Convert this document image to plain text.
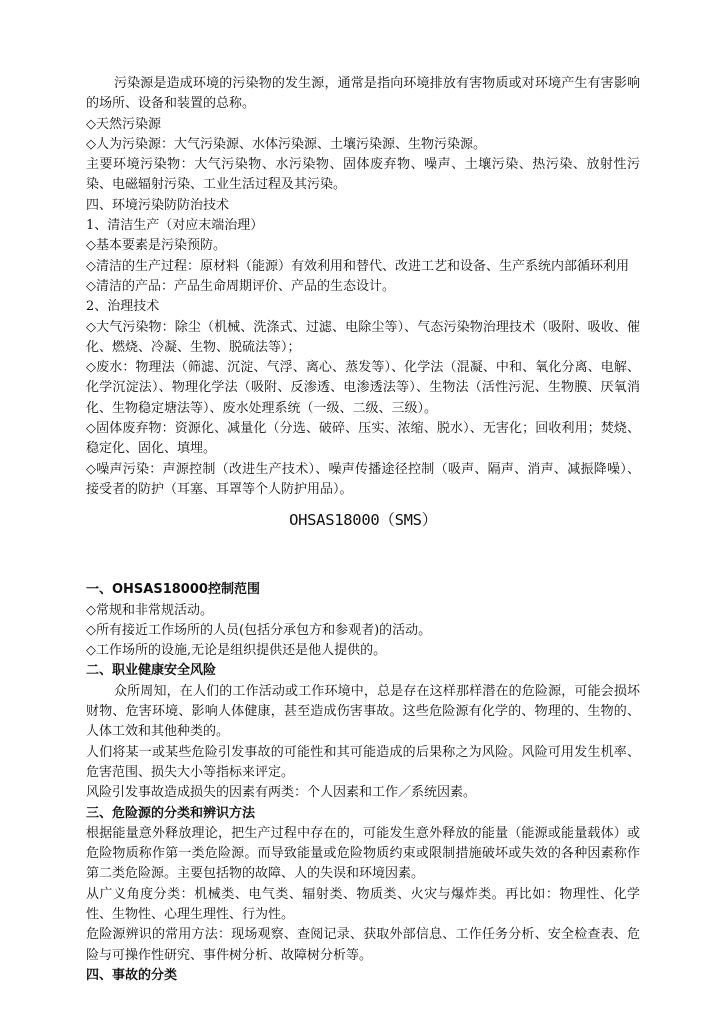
污染源是造成环境的污染物的发生源，通常是指向环境排放有害物质或对环境产生有害影响的场所、设备和装置的总称。

◇天然污染源

◇人为污染源：大气污染源、水体污染源、土壤污染源、生物污染源。

主要环境污染物：大气污染物、水污染物、固体废弃物、噪声、土壤污染、热污染、放射性污染、电磁辐射污染、工业生活过程及其污染。

四、环境污染防防治技术

1、清洁生产（对应末端治理）

◇基本要素是污染预防。

◇清洁的生产过程：原材料（能源）有效利用和替代、改进工艺和设备、生产系统内部循环利用

◇清洁的产品：产品生命周期评价、产品的生态设计。

2、治理技术

◇大气污染物：除尘（机械、洗涤式、过滤、电除尘等）、气态污染物治理技术（吸附、吸收、催化、燃烧、冷凝、生物、脱硫法等）；

◇废水：物理法（筛滤、沉淀、气浮、离心、蒸发等）、化学法（混凝、中和、氧化分离、电解、化学沉淀法）、物理化学法（吸附、反渗透、电渗透法等）、生物法（活性污泥、生物膜、厌氧消化、生物稳定塘法等）、废水处理系统（一级、二级、三级）。

◇固体废弃物：资源化、减量化（分选、破碎、压实、浓缩、脱水）、无害化；回收利用；焚烧、稳定化、固化、填埋。

◇噪声污染：声源控制（改进生产技术）、噪声传播途径控制（吸声、隔声、消声、减振降噪）、接受者的防护（耳塞、耳罩等个人防护用品）。

OHSAS18000（SMS）

一、OHSAS18000控制范围

◇常规和非常规活动。

◇所有接近工作场所的人员(包括分承包方和参观者)的活动。

◇工作场所的设施,无论是组织提供还是他人提供的。

二、职业健康安全风险

众所周知，在人们的工作活动或工作环境中，总是存在这样那样潜在的危险源，可能会损坏财物、危害环境、影响人体健康，甚至造成伤害事故。这些危险源有化学的、物理的、生物的、人体工效和其他种类的。

人们将某一或某些危险引发事故的可能性和其可能造成的后果称之为风险。风险可用发生机率、危害范围、损失大小等指标来评定。

风险引发事故造成损失的因素有两类：个人因素和工作／系统因素。

三、危险源的分类和辨识方法

根据能量意外释放理论，把生产过程中存在的，可能发生意外释放的能量（能源或能量载体）或危险物质称作第一类危险源。而导致能量或危险物质约束或限制措施破坏或失效的各种因素称作第二类危险源。主要包括物的故障、人的失误和环境因素。

从广义角度分类：机械类、电气类、辐射类、物质类、火灾与爆炸类。再比如：物理性、化学性、生物性、心理生理性、行为性。

危险源辨识的常用方法：现场观察、查阅记录、获取外部信息、工作任务分析、安全检查表、危险与可操作性研究、事件树分析、故障树分析等。

四、事故的分类
